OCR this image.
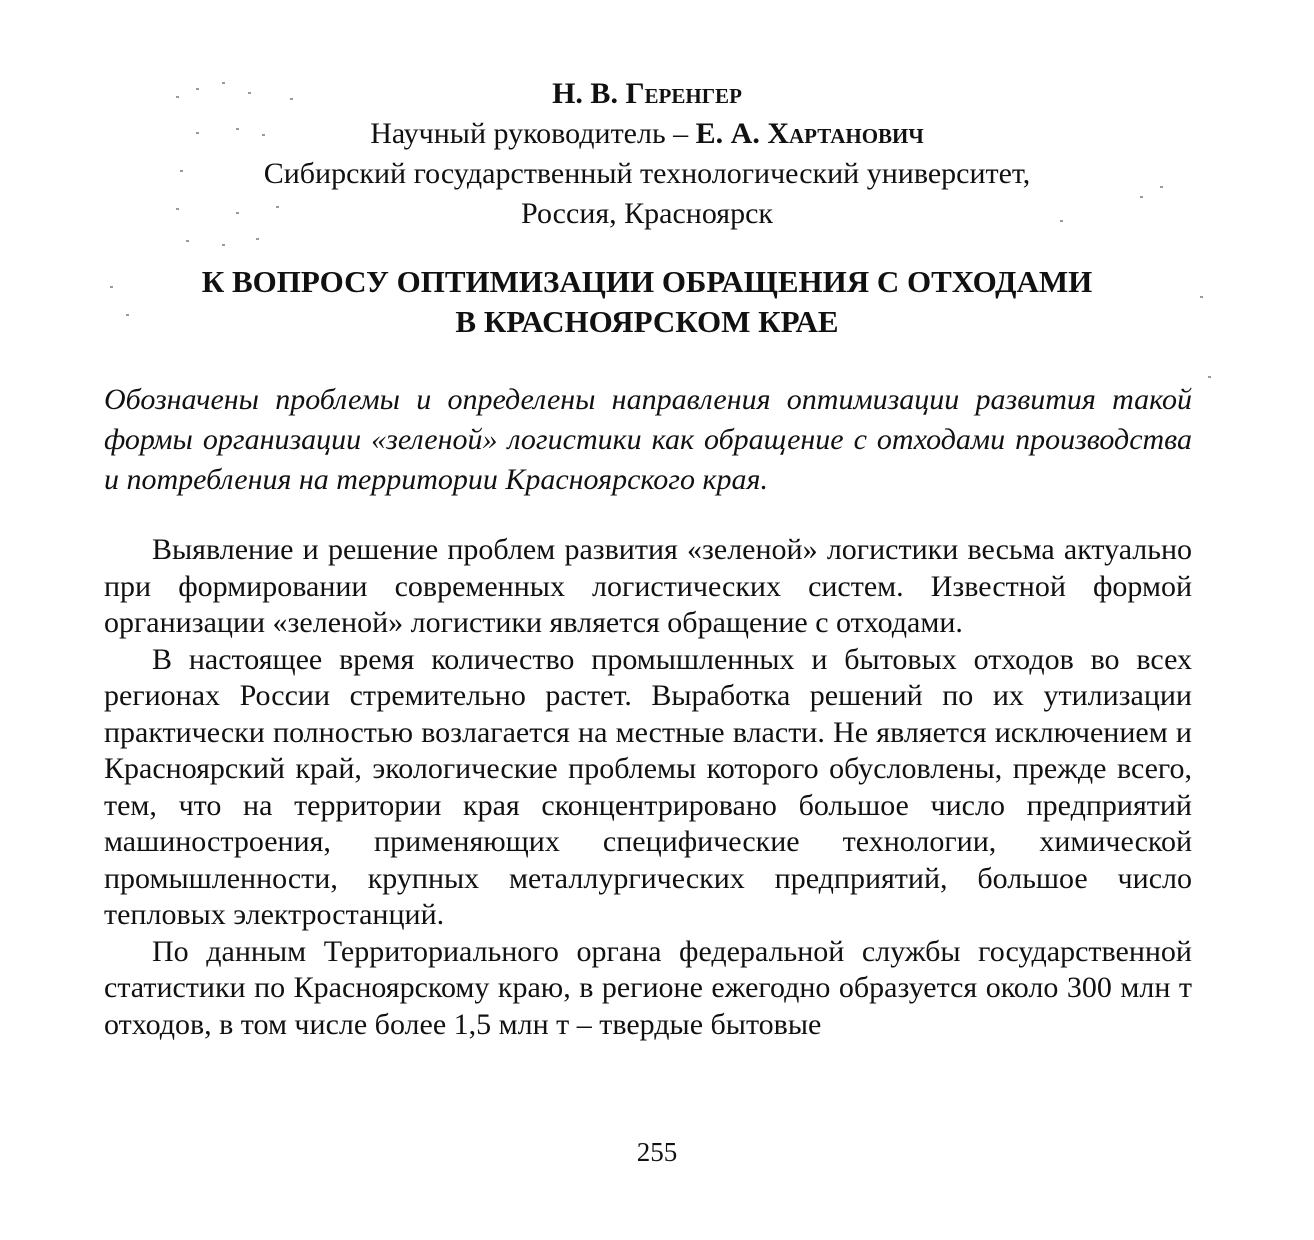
Н. В. Геренгер
Научный руководитель – Е. А. Хартанович
Сибирский государственный технологический университет,
Россия, Красноярск
К ВОПРОСУ ОПТИМИЗАЦИИ ОБРАЩЕНИЯ С ОТХОДАМИ
В КРАСНОЯРСКОМ КРАЕ
Обозначены проблемы и определены направления оптимизации развития такой формы организации «зеленой» логистики как обращение с отходами производства и потребления на территории Красноярского края.

Выявление и решение проблем развития «зеленой» логистики весьма актуально при формировании современных логистических систем. Известной формой организации «зеленой» логистики является обращение с отходами.

В настоящее время количество промышленных и бытовых отходов во всех регионах России стремительно растет. Выработка решений по их утилизации практически полностью возлагается на местные власти. Не является исключением и Красноярский край, экологические проблемы которого обусловлены, прежде всего, тем, что на территории края сконцентрировано большое число предприятий машиностроения, применяющих специфические технологии, химической промышленности, крупных металлургических предприятий, большое число тепловых электростанций.

По данным Территориального органа федеральной службы государственной статистики по Красноярскому краю, в регионе ежегодно образуется около 300 млн т отходов, в том числе более 1,5 млн т – твердые бытовые

255
